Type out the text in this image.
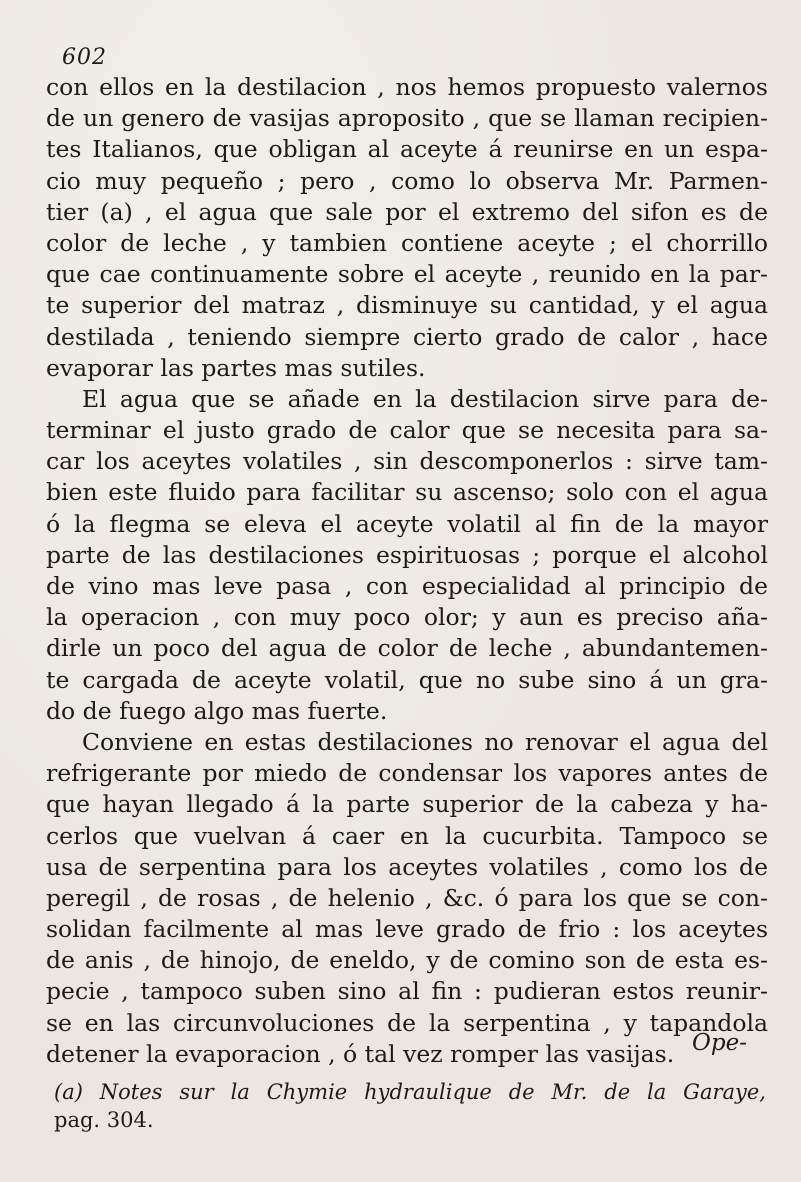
602
con ellos en la destilacion , nos hemos propuesto valernos
de un genero de vasijas aproposito , que se llaman recipien-
tes Italianos, que obligan al aceyte á reunirse en un espa-
cio muy pequeño ; pero , como lo observa Mr. Parmen-
tier (a) , el agua que sale por el extremo del sifon es de
color de leche , y tambien contiene aceyte ; el chorrillo
que cae continuamente sobre el aceyte , reunido en la par-
te superior del matraz , disminuye su cantidad, y el agua
destilada , teniendo siempre cierto grado de calor , hace
evaporar las partes mas sutiles.
El agua que se añade en la destilacion sirve para de-
terminar el justo grado de calor que se necesita para sa-
car los aceytes volatiles , sin descomponerlos : sirve tam-
bien este fluido para facilitar su ascenso; solo con el agua
ó la flegma se eleva el aceyte volatil al fin de la mayor
parte de las destilaciones espirituosas ; porque el alcohol
de vino mas leve pasa , con especialidad al principio de
la operacion , con muy poco olor; y aun es preciso aña-
dirle un poco del agua de color de leche , abundantemen-
te cargada de aceyte volatil, que no sube sino á un gra-
do de fuego algo mas fuerte.
Conviene en estas destilaciones no renovar el agua del
refrigerante por miedo de condensar los vapores antes de
que hayan llegado á la parte superior de la cabeza y ha-
cerlos que vuelvan á caer en la cucurbita. Tampoco se
usa de serpentina para los aceytes volatiles , como los de
peregil , de rosas , de helenio , &c. ó para los que se con-
solidan facilmente al mas leve grado de frio : los aceytes
de anis , de hinojo, de eneldo, y de comino son de esta es-
pecie , tampoco suben sino al fin : pudieran estos reunir-
se en las circunvoluciones de la serpentina , y tapandola
detener la evaporacion , ó tal vez romper las vasijas. Ope-
(a) Notes sur la Chymie hydraulique de Mr. de la Garaye,
pag. 304.
